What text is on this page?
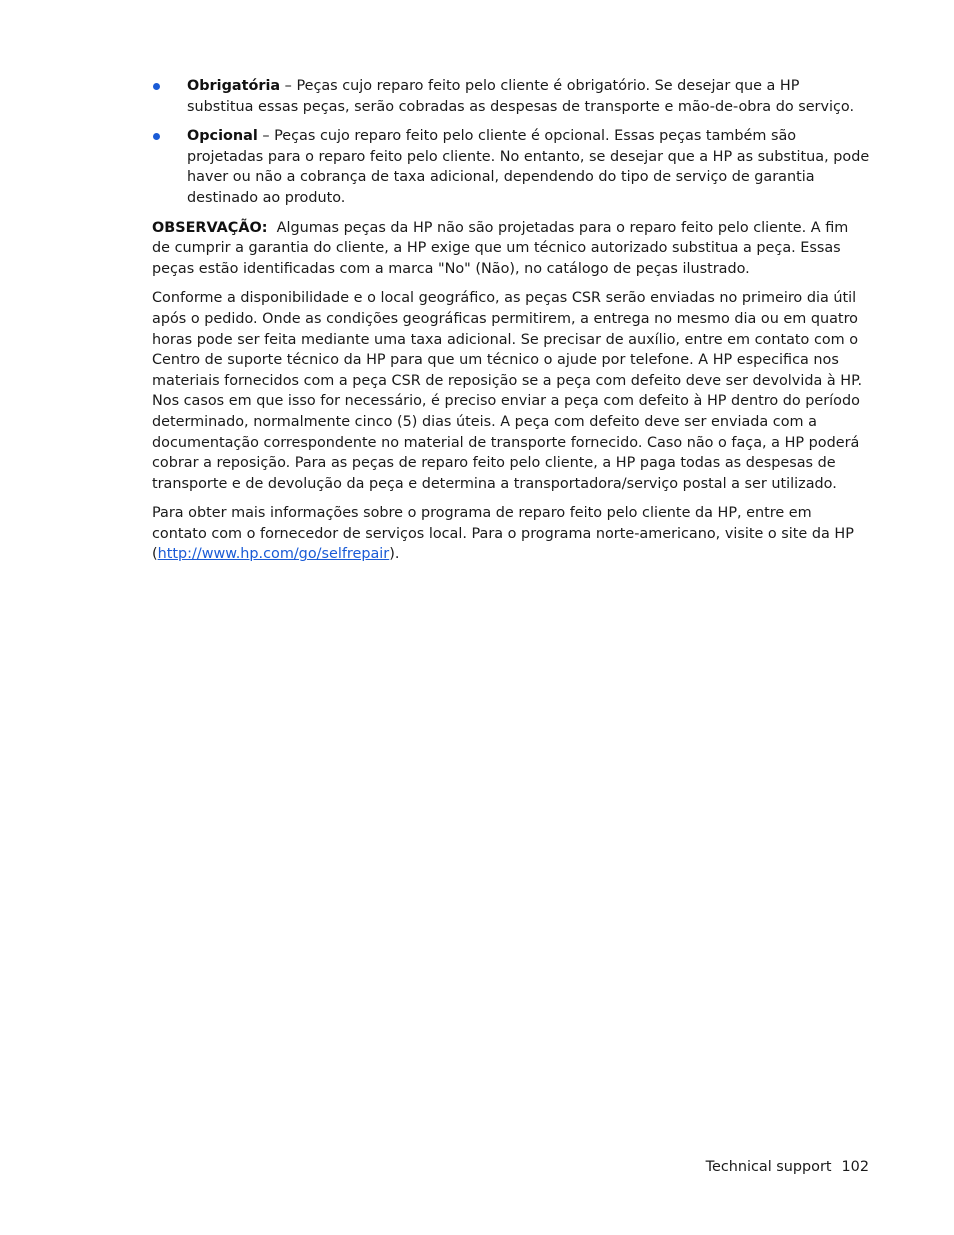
Obrigatória – Peças cujo reparo feito pelo cliente é obrigatório. Se desejar que a HP substitua essas peças, serão cobradas as despesas de transporte e mão-de-obra do serviço.
Opcional – Peças cujo reparo feito pelo cliente é opcional. Essas peças também são projetadas para o reparo feito pelo cliente. No entanto, se desejar que a HP as substitua, pode haver ou não a cobrança de taxa adicional, dependendo do tipo de serviço de garantia destinado ao produto.

OBSERVAÇÃO: Algumas peças da HP não são projetadas para o reparo feito pelo cliente. A fim de cumprir a garantia do cliente, a HP exige que um técnico autorizado substitua a peça. Essas peças estão identificadas com a marca "No" (Não), no catálogo de peças ilustrado.

Conforme a disponibilidade e o local geográfico, as peças CSR serão enviadas no primeiro dia útil após o pedido. Onde as condições geográficas permitirem, a entrega no mesmo dia ou em quatro horas pode ser feita mediante uma taxa adicional. Se precisar de auxílio, entre em contato com o Centro de suporte técnico da HP para que um técnico o ajude por telefone. A HP especifica nos materiais fornecidos com a peça CSR de reposição se a peça com defeito deve ser devolvida à HP. Nos casos em que isso for necessário, é preciso enviar a peça com defeito à HP dentro do período determinado, normalmente cinco (5) dias úteis. A peça com defeito deve ser enviada com a documentação correspondente no material de transporte fornecido. Caso não o faça, a HP poderá cobrar a reposição. Para as peças de reparo feito pelo cliente, a HP paga todas as despesas de transporte e de devolução da peça e determina a transportadora/serviço postal a ser utilizado.

Para obter mais informações sobre o programa de reparo feito pelo cliente da HP, entre em contato com o fornecedor de serviços local. Para o programa norte-americano, visite o site da HP
(http://www.hp.com/go/selfrepair).

Technical support 102
